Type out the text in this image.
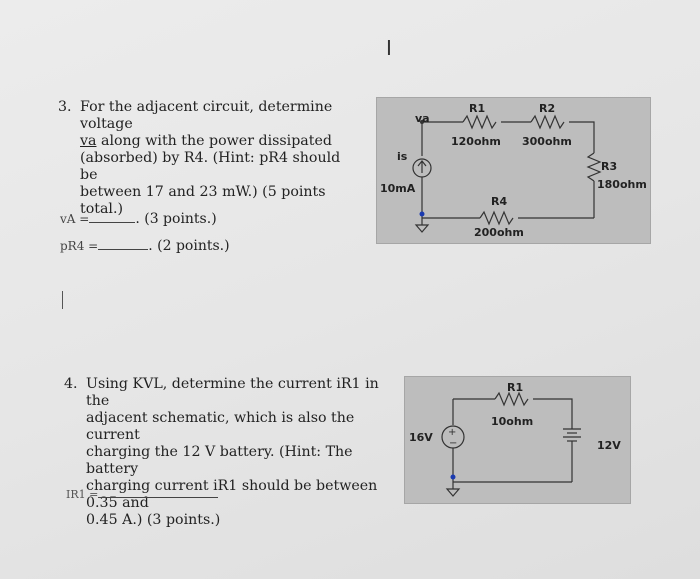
I
3. For the adjacent circuit, determine voltage
va along with the power dissipated
(absorbed) by R4. (Hint: pR4 should be
between 17 and 23 mW.) (5 points total.)
vA =	. (3 points.)
pR4 =	. (2 points.)
va
is
10mA
R1
120ohm
R2
300ohm
R3
180ohm
R4
200ohm
4. Using KVL, determine the current iR1 in the
adjacent schematic, which is also the current
charging the 12 V battery. (Hint: The battery
charging current iR1 should be between 0.35 and
0.45 A.) (3 points.)
IR1 =
+
−
16V
R1
10ohm
12V
